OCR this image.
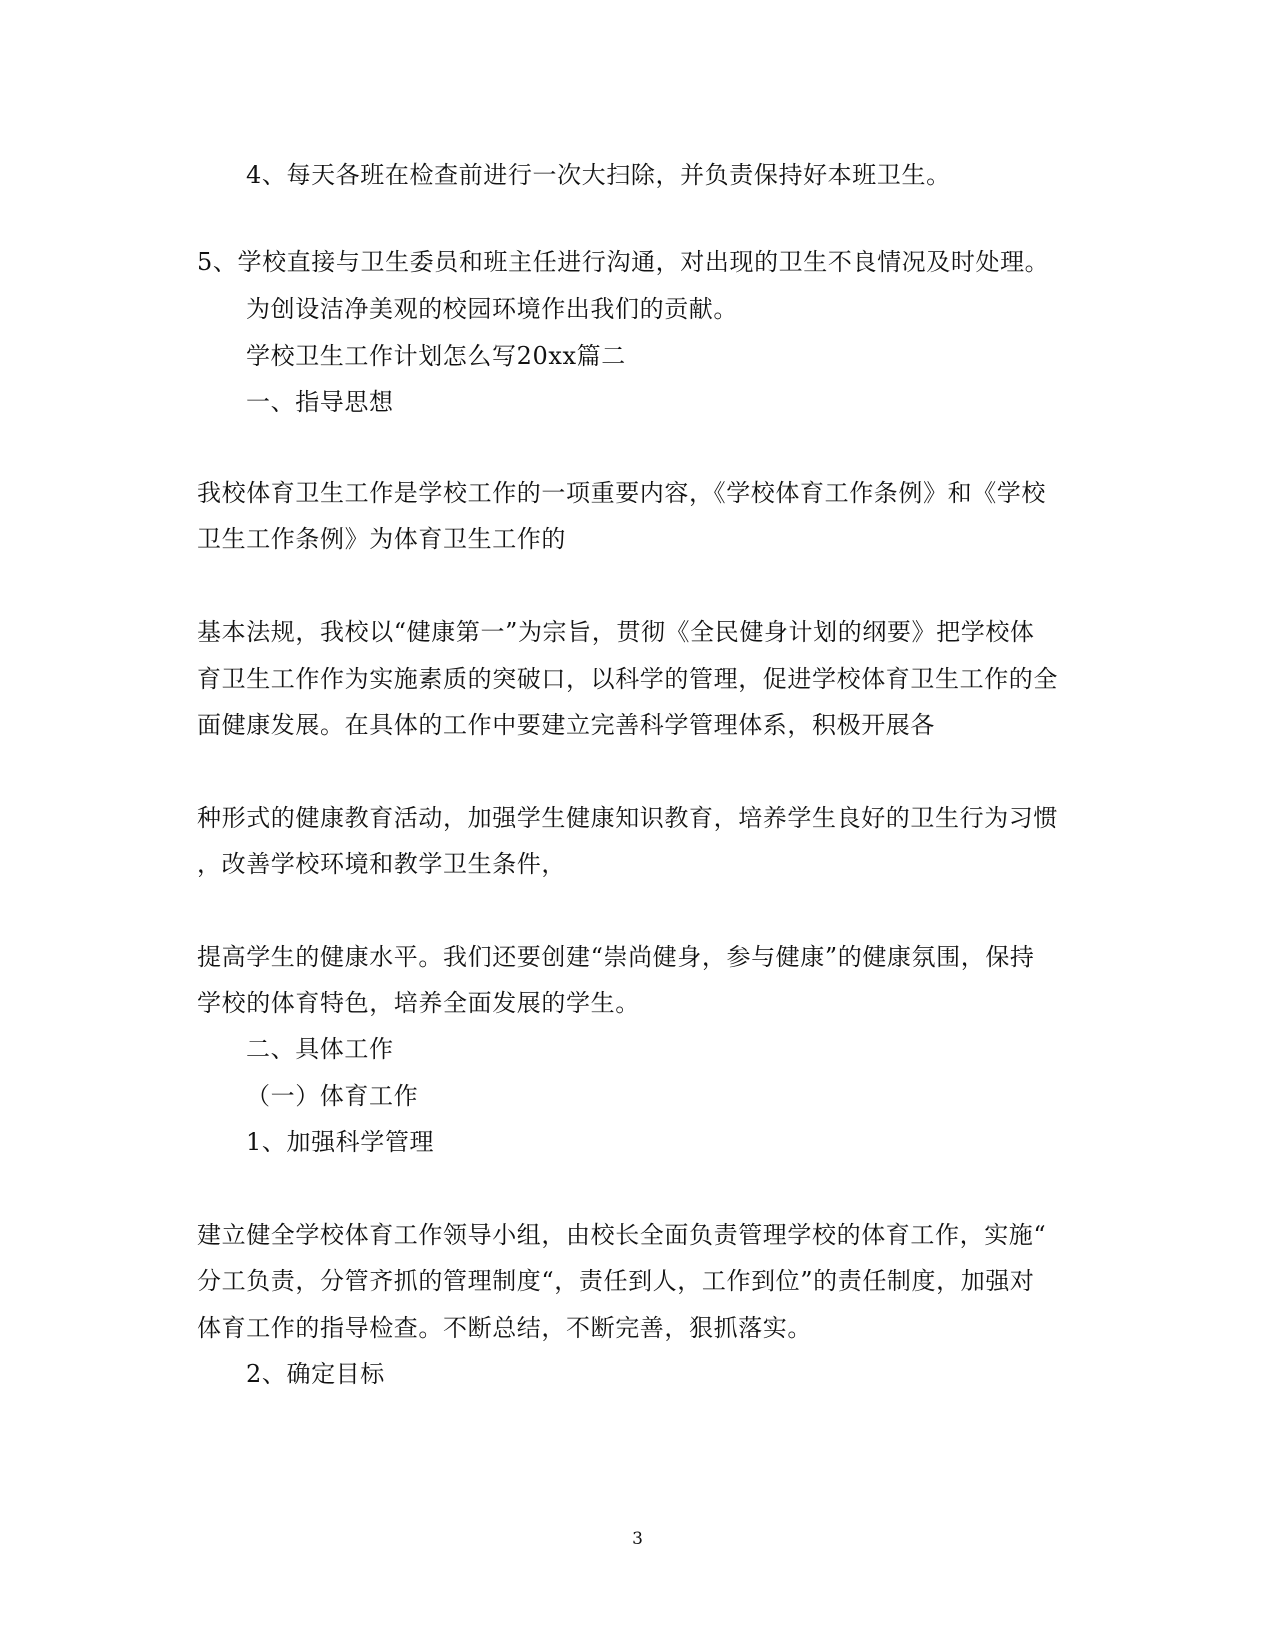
4、每天各班在检查前进行一次大扫除，并负责保持好本班卫生。
5、学校直接与卫生委员和班主任进行沟通，对出现的卫生不良情况及时处理。
为创设洁净美观的校园环境作出我们的贡献。
学校卫生工作计划怎么写20xx篇二
一、指导思想
我校体育卫生工作是学校工作的一项重要内容，《学校体育工作条例》和《学校
卫生工作条例》为体育卫生工作的
基本法规，我校以“健康第一”为宗旨，贯彻《全民健身计划的纲要》把学校体
育卫生工作作为实施素质的突破口，以科学的管理，促进学校体育卫生工作的全
面健康发展。在具体的工作中要建立完善科学管理体系，积极开展各
种形式的健康教育活动，加强学生健康知识教育，培养学生良好的卫生行为习惯
，改善学校环境和教学卫生条件，
提高学生的健康水平。我们还要创建“崇尚健身，参与健康”的健康氛围，保持
学校的体育特色，培养全面发展的学生。
二、具体工作
（一）体育工作
1、加强科学管理
建立健全学校体育工作领导小组，由校长全面负责管理学校的体育工作，实施“
分工负责，分管齐抓的管理制度“，责任到人，工作到位”的责任制度，加强对
体育工作的指导检查。不断总结，不断完善，狠抓落实。
2、确定目标
3
